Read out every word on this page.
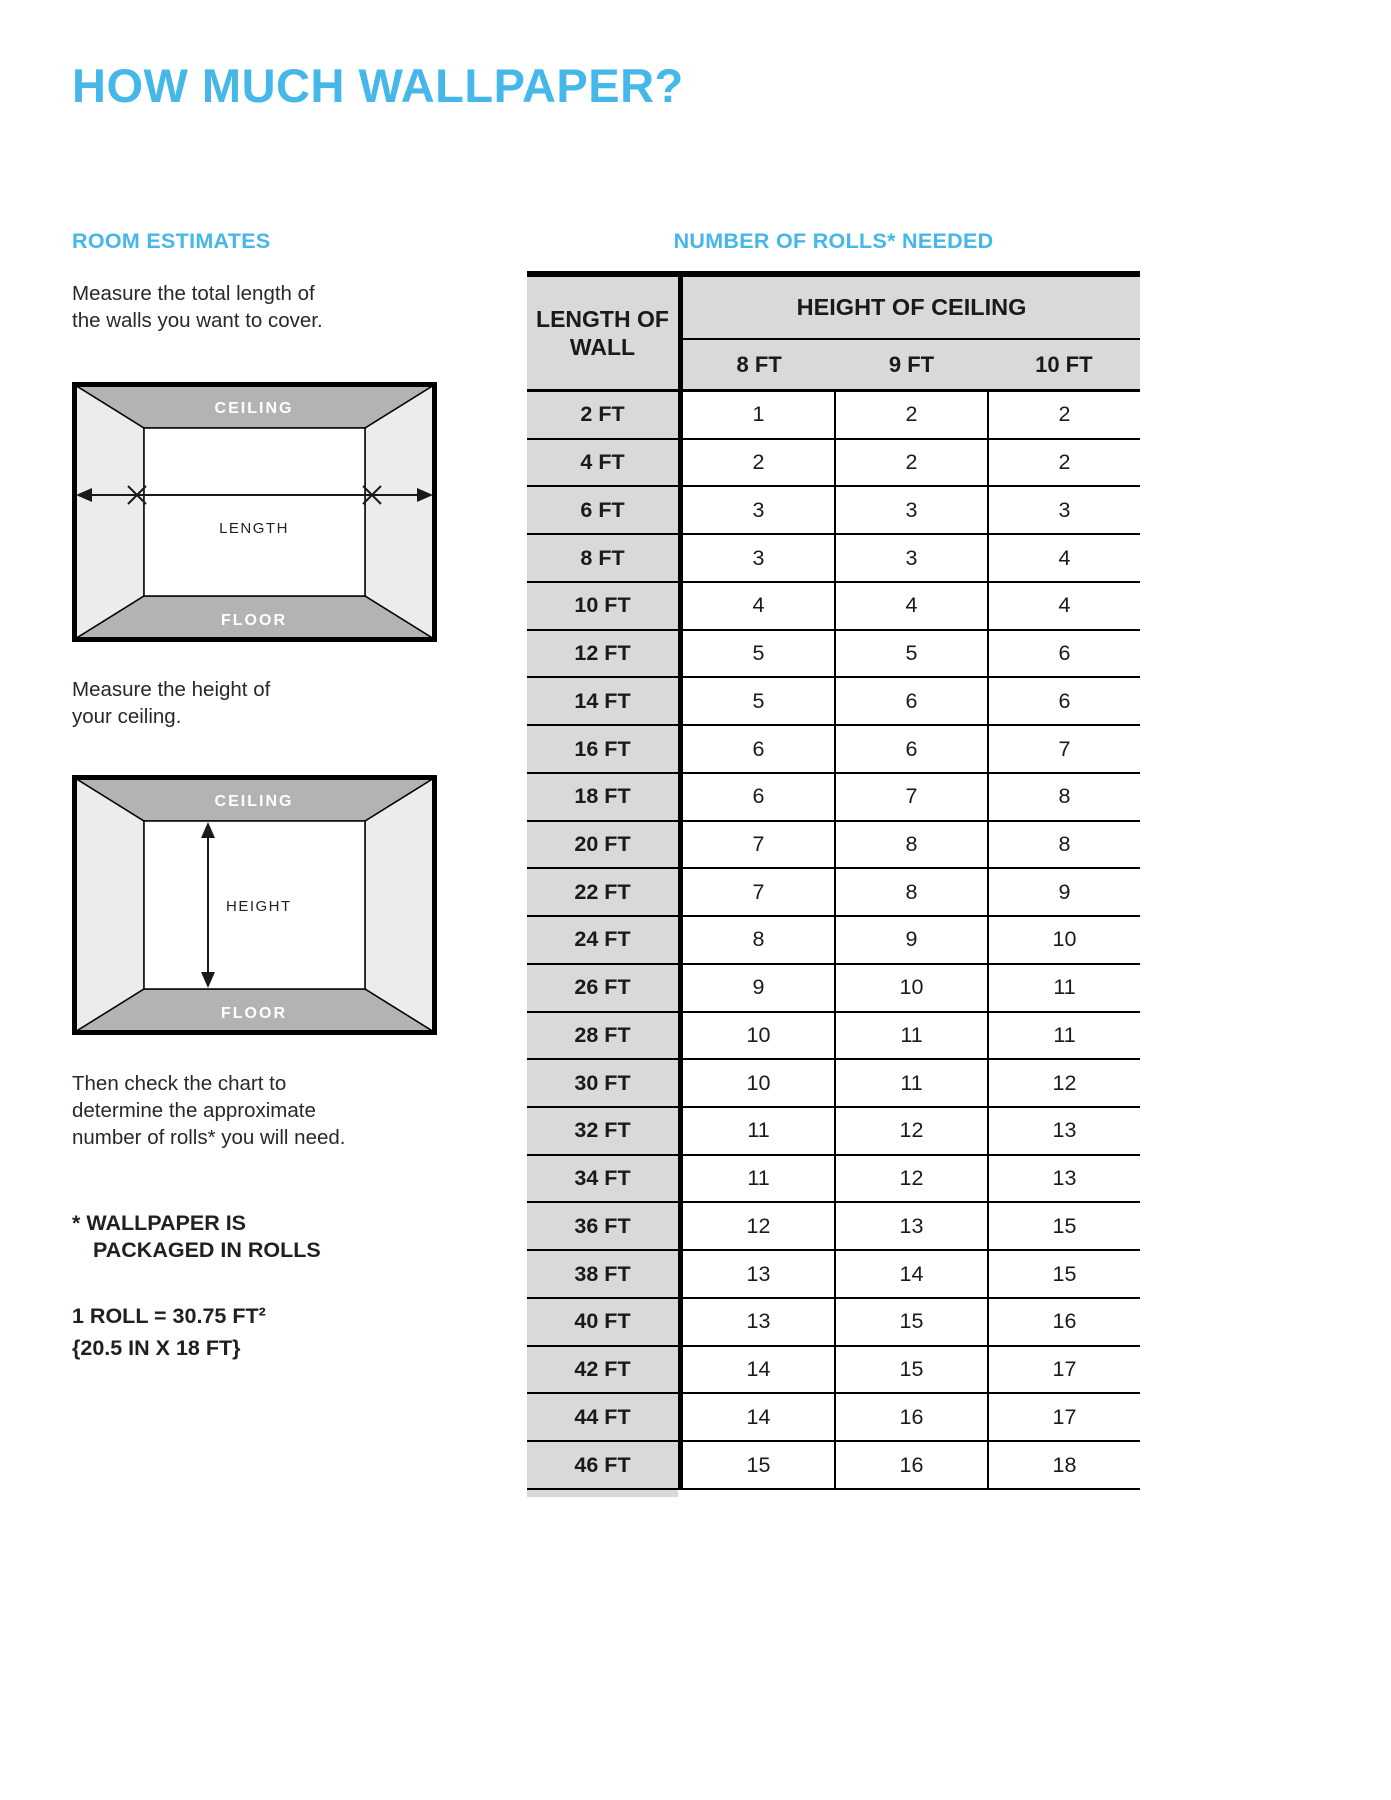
HOW MUCH WALLPAPER?
ROOM ESTIMATES
Measure the total length of
the walls you want to cover.
CEILING
FLOOR
LENGTH
Measure the height of
your ceiling.
CEILING
FLOOR
HEIGHT
Then check the chart to
determine the approximate
number of rolls* you will need.
* WALLPAPER IS
PACKAGED IN ROLLS
1 ROLL = 30.75 FT²
{20.5 IN X 18 FT}
NUMBER OF ROLLS* NEEDED
LENGTH OF WALL
HEIGHT OF CEILING
8 FT	9 FT	10 FT
2 FT	1	2	2
4 FT	2	2	2
6 FT	3	3	3
8 FT	3	3	4
10 FT	4	4	4
12 FT	5	5	6
14 FT	5	6	6
16 FT	6	6	7
18 FT	6	7	8
20 FT	7	8	8
22 FT	7	8	9
24 FT	8	9	10
26 FT	9	10	11
28 FT	10	11	11
30 FT	10	11	12
32 FT	11	12	13
34 FT	11	12	13
36 FT	12	13	15
38 FT	13	14	15
40 FT	13	15	16
42 FT	14	15	17
44 FT	14	16	17
46 FT	15	16	18
